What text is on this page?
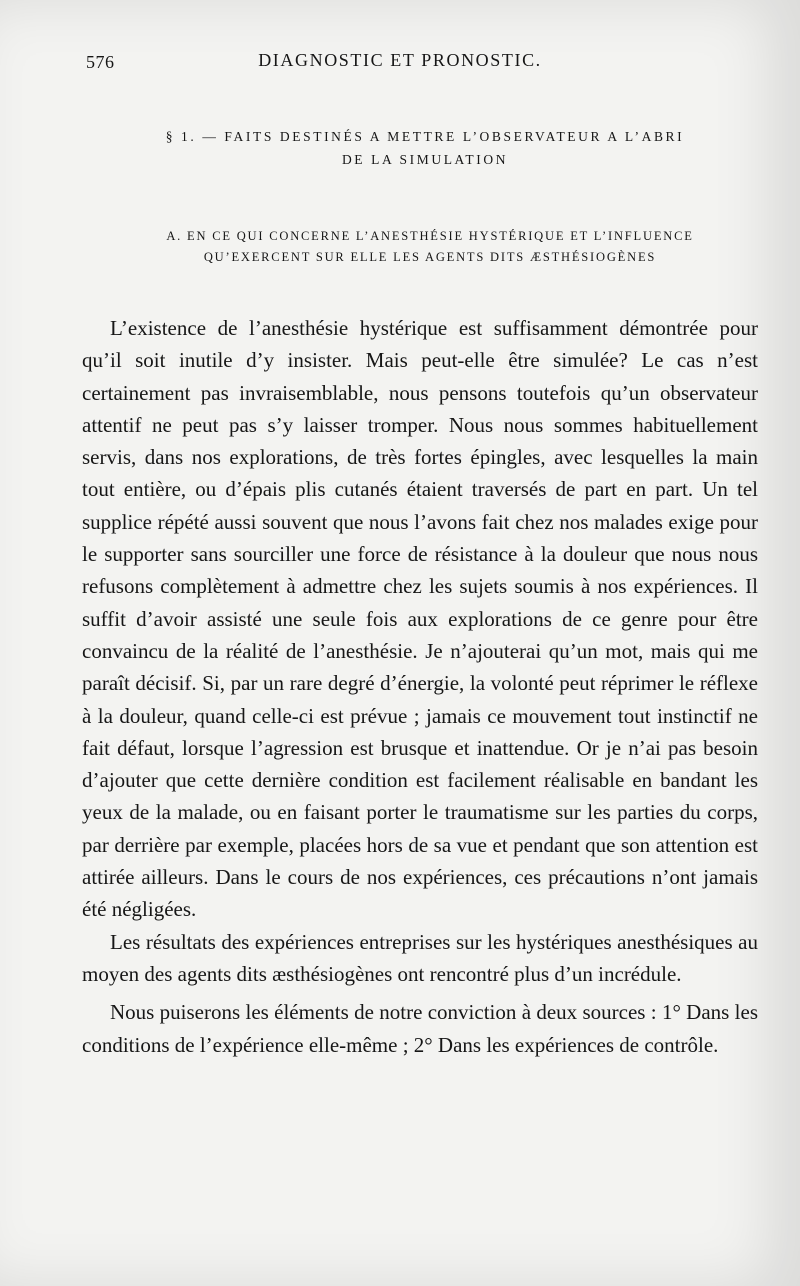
576	DIAGNOSTIC ET PRONOSTIC.
§ 1. — FAITS DESTINÉS A METTRE L’OBSERVATEUR A L’ABRI
DE LA SIMULATION
A. EN CE QUI CONCERNE L’ANESTHÉSIE HYSTÉRIQUE ET L’INFLUENCE
QU’EXERCENT SUR ELLE LES AGENTS DITS ÆSTHÉSIOGÈNES

L’existence de l’anesthésie hystérique est suffisamment démontrée pour qu’il soit inutile d’y insister. Mais peut-elle être simulée? Le cas n’est certainement pas invraisemblable, nous pensons toutefois qu’un observateur attentif ne peut pas s’y laisser tromper. Nous nous sommes habituellement servis, dans nos explorations, de très fortes épingles, avec lesquelles la main tout entière, ou d’épais plis cutanés étaient traversés de part en part. Un tel supplice répété aussi souvent que nous l’avons fait chez nos malades exige pour le supporter sans sourciller une force de résistance à la douleur que nous nous refusons complètement à admettre chez les sujets soumis à nos expériences. Il suffit d’avoir assisté une seule fois aux explorations de ce genre pour être convaincu de la réalité de l’anesthésie. Je n’ajouterai qu’un mot, mais qui me paraît décisif. Si, par un rare degré d’énergie, la volonté peut réprimer le réflexe à la douleur, quand celle-ci est prévue ; jamais ce mouvement tout instinctif ne fait défaut, lorsque l’agression est brusque et inattendue. Or je n’ai pas besoin d’ajouter que cette dernière condition est facilement réalisable en bandant les yeux de la malade, ou en faisant porter le traumatisme sur les parties du corps, par derrière par exemple, placées hors de sa vue et pendant que son attention est attirée ailleurs. Dans le cours de nos expériences, ces précautions n’ont jamais été négligées.

Les résultats des expériences entreprises sur les hystériques anesthésiques au moyen des agents dits æsthésiogènes ont rencontré plus d’un incrédule.

Nous puiserons les éléments de notre conviction à deux sources : 1° Dans les conditions de l’expérience elle-même ; 2° Dans les expériences de contrôle.
